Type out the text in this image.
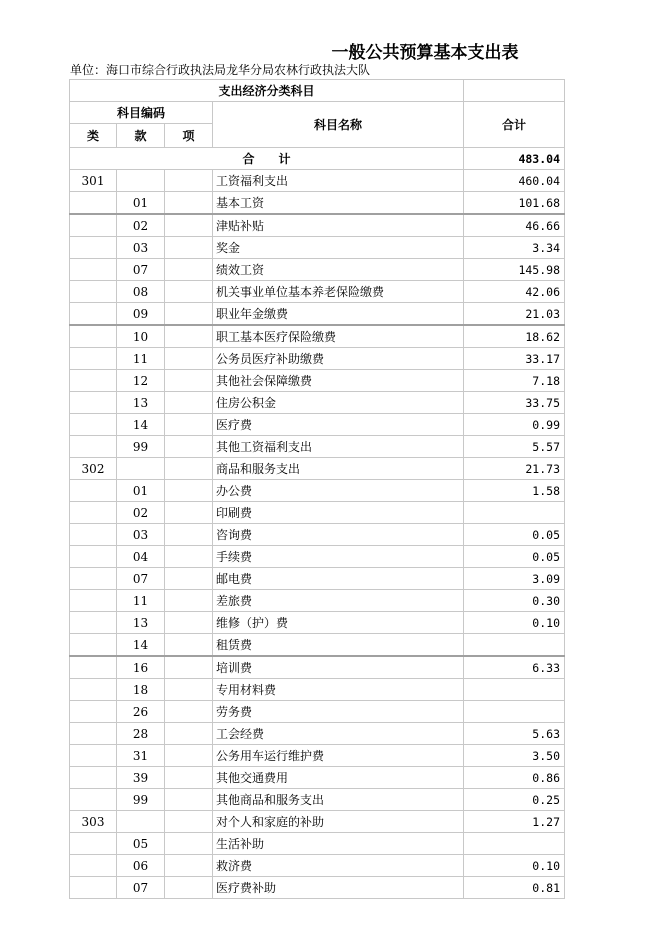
一般公共预算基本支出表
单位：海口市综合行政执法局龙华分局农林行政执法大队
支出经济分类科目				
科目编码			科目名称	合计
类	款	项		
合　　计				483.04
301			工资福利支出	460.04
	01		基本工资	101.68
	02		津贴补贴	46.66
	03		奖金	3.34
	07		绩效工资	145.98
	08		机关事业单位基本养老保险缴费	42.06
	09		职业年金缴费	21.03
	10		职工基本医疗保险缴费	18.62
	11		公务员医疗补助缴费	33.17
	12		其他社会保障缴费	7.18
	13		住房公积金	33.75
	14		医疗费	0.99
	99		其他工资福利支出	5.57
302			商品和服务支出	21.73
	01		办公费	1.58
	02		印刷费	
	03		咨询费	0.05
	04		手续费	0.05
	07		邮电费	3.09
	11		差旅费	0.30
	13		维修（护）费	0.10
	14		租赁费	
	16		培训费	6.33
	18		专用材料费	
	26		劳务费	
	28		工会经费	5.63
	31		公务用车运行维护费	3.50
	39		其他交通费用	0.86
	99		其他商品和服务支出	0.25
303			对个人和家庭的补助	1.27
	05		生活补助	
	06		救济费	0.10
	07		医疗费补助	0.81
